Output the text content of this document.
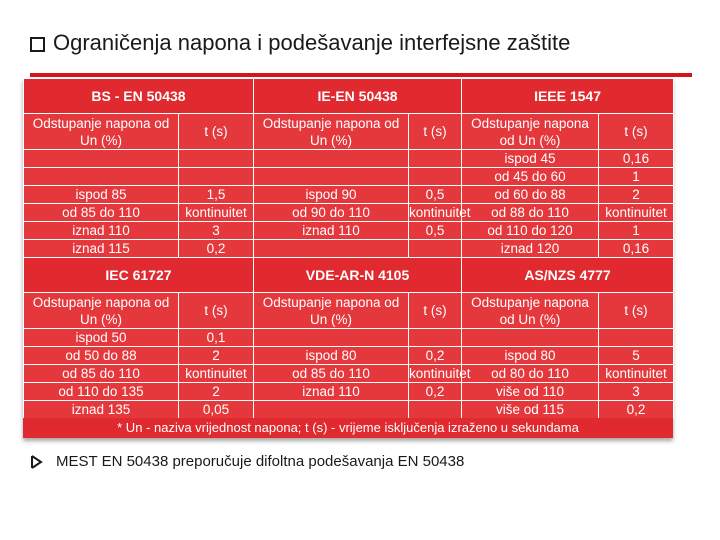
Ograničenja napona i podešavanje interfejsne zaštite
BS - EN 50438		IE-EN 50438		IEEE 1547	
Odstupanje napona od Un (%)	t (s)	Odstupanje napona od Un (%)	t (s)	Odstupanje napona od Un (%)	t (s)
				ispod 45	0,16
				od 45 do 60	1
ispod 85	1,5	ispod 90	0,5	od 60 do 88	2
od 85 do 110	kontinuitet	od 90 do 110	kontinuitet	od 88 do 110	kontinuitet
iznad 110	3	iznad 110	0,5	od 110 do 120	1
iznad 115	0,2			iznad 120	0,16
IEC 61727		VDE-AR-N 4105		AS/NZS 4777	
Odstupanje napona od Un (%)	t (s)	Odstupanje napona od Un (%)	t (s)	Odstupanje napona od Un (%)	t (s)
ispod 50	0,1				
od 50 do 88	2	ispod 80	0,2	ispod 80	5
od 85 do 110	kontinuitet	od 85 do 110	kontinuitet	od 80 do 110	kontinuitet
od 110 do 135	2	iznad 110	0,2	više od 110	3
iznad 135	0,05			više od 115	0,2
* Un - naziva vrijednost napona; t (s) - vrijeme isključenja izraženo u sekundama
MEST EN 50438 preporučuje difoltna podešavanja EN 50438
